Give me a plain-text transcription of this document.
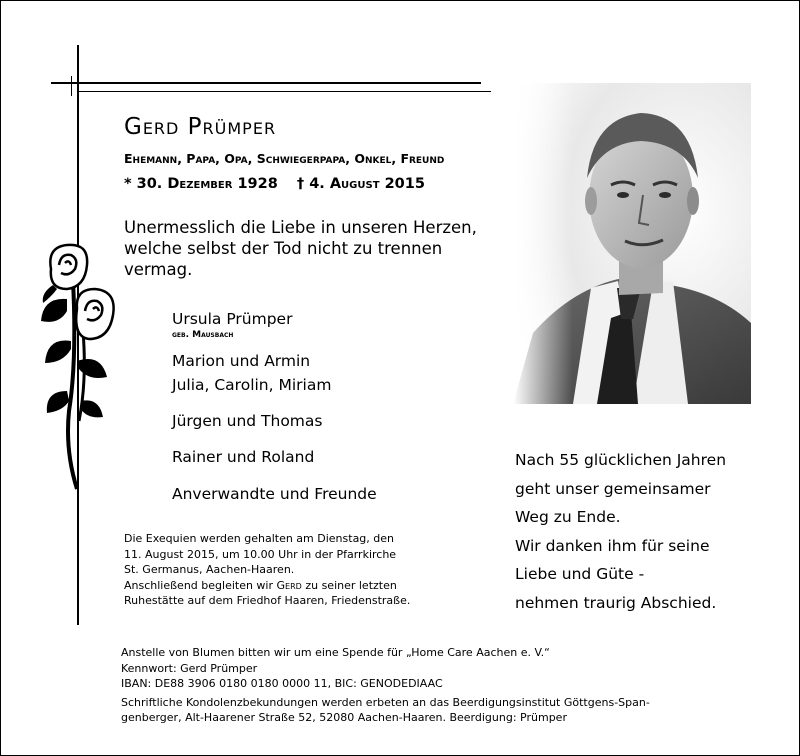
Gerd Prümper
Ehemann, Papa, Opa, Schwiegerpapa, Onkel, Freund
* 30. Dezember 1928 † 4. August 2015
Unermesslich die Liebe in unseren Herzen, welche selbst der Tod nicht zu trennen vermag.
Ursula Prümper
geb. Mausbach
Marion und Armin
Julia, Carolin, Miriam
Jürgen und Thomas
Rainer und Roland
Anverwandte und Freunde
Die Exequien werden gehalten am Dienstag, den
11. August 2015, um 10.00 Uhr in der Pfarrkirche
St. Germanus, Aachen-Haaren.
Anschließend begleiten wir Gerd zu seiner letzten
Ruhestätte auf dem Friedhof Haaren, Friedenstraße.
Nach 55 glücklichen Jahren
geht unser gemeinsamer
Weg zu Ende.
Wir danken ihm für seine
Liebe und Güte -
nehmen traurig Abschied.
Anstelle von Blumen bitten wir um eine Spende für „Home Care Aachen e. V.“
Kennwort: Gerd Prümper
IBAN: DE88 3906 0180 0180 0000 11, BIC: GENODEDIAAC
Schriftliche Kondolenzbekundungen werden erbeten an das Beerdigungsinstitut Göttgens-Span-
genberger, Alt-Haarener Straße 52, 52080 Aachen-Haaren. Beerdigung: Prümper
